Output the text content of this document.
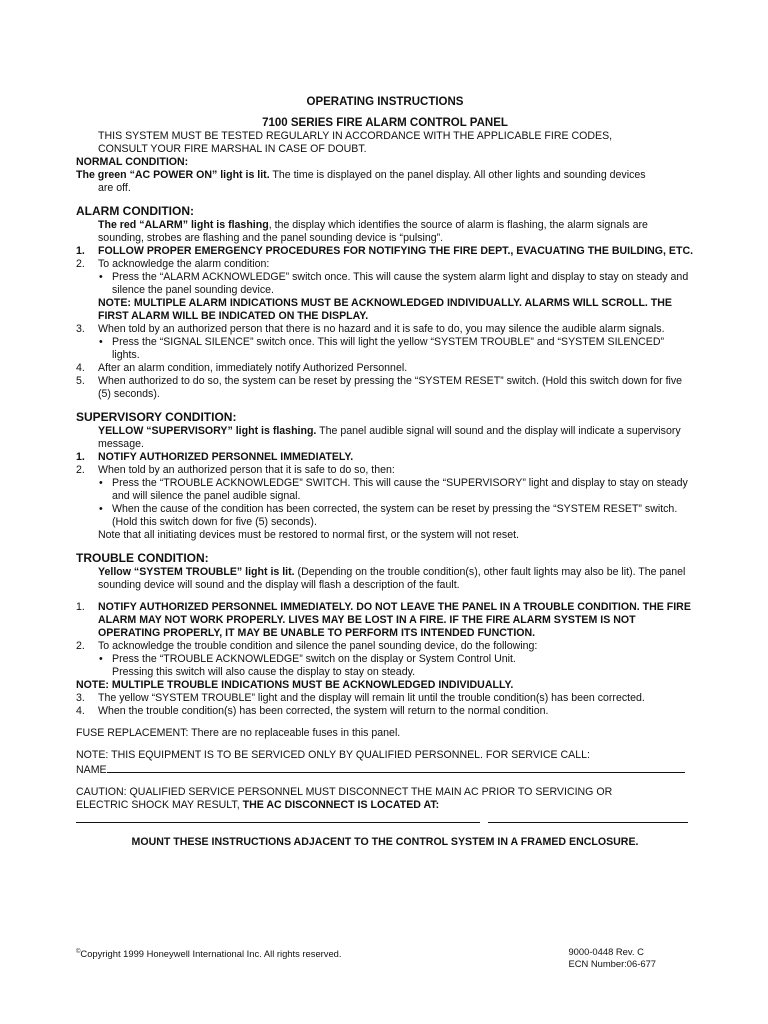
OPERATING INSTRUCTIONS
7100 SERIES FIRE ALARM CONTROL PANEL
THIS SYSTEM MUST BE TESTED REGULARLY IN ACCORDANCE WITH THE APPLICABLE FIRE CODES,
CONSULT YOUR FIRE MARSHAL IN CASE OF DOUBT.
NORMAL CONDITION:
The green “AC POWER ON” light is lit. The time is displayed on the panel display. All other lights and sounding devices
are off.
ALARM CONDITION:
The red “ALARM” light is flashing, the display which identifies the source of alarm is flashing, the alarm signals are
sounding, strobes are flashing and the panel sounding device is “pulsing”.
1. FOLLOW PROPER EMERGENCY PROCEDURES FOR NOTIFYING THE FIRE DEPT., EVACUATING THE BUILDING, ETC.
2. To acknowledge the alarm condition:
• Press the “ALARM ACKNOWLEDGE” switch once. This will cause the system alarm light and display to stay on steady and silence the panel sounding device.
NOTE: MULTIPLE ALARM INDICATIONS MUST BE ACKNOWLEDGED INDIVIDUALLY. ALARMS WILL SCROLL. THE FIRST ALARM WILL BE INDICATED ON THE DISPLAY.
3. When told by an authorized person that there is no hazard and it is safe to do, you may silence the audible alarm signals.
• Press the “SIGNAL SILENCE” switch once. This will light the yellow “SYSTEM TROUBLE” and “SYSTEM SILENCED” lights.
4. After an alarm condition, immediately notify Authorized Personnel.
5. When authorized to do so, the system can be reset by pressing the “SYSTEM RESET” switch. (Hold this switch down for five (5) seconds).
SUPERVISORY CONDITION:
YELLOW “SUPERVISORY” light is flashing. The panel audible signal will sound and the display will indicate a supervisory message.
1. NOTIFY AUTHORIZED PERSONNEL IMMEDIATELY.
2. When told by an authorized person that it is safe to do so, then:
• Press the “TROUBLE ACKNOWLEDGE” SWITCH. This will cause the “SUPERVISORY” light and display to stay on steady and will silence the panel audible signal.
• When the cause of the condition has been corrected, the system can be reset by pressing the “SYSTEM RESET” switch. (Hold this switch down for five (5) seconds).
Note that all initiating devices must be restored to normal first, or the system will not reset.
TROUBLE CONDITION:
Yellow “SYSTEM TROUBLE” light is lit. (Depending on the trouble condition(s), other fault lights may also be lit). The panel sounding device will sound and the display will flash a description of the fault.
1. NOTIFY AUTHORIZED PERSONNEL IMMEDIATELY. DO NOT LEAVE THE PANEL IN A TROUBLE CONDITION. THE FIRE ALARM MAY NOT WORK PROPERLY. LIVES MAY BE LOST IN A FIRE. IF THE FIRE ALARM SYSTEM IS NOT OPERATING PROPERLY, IT MAY BE UNABLE TO PERFORM ITS INTENDED FUNCTION.
2. To acknowledge the trouble condition and silence the panel sounding device, do the following:
• Press the “TROUBLE ACKNOWLEDGE” switch on the display or System Control Unit.
Pressing this switch will also cause the display to stay on steady.
NOTE: MULTIPLE TROUBLE INDICATIONS MUST BE ACKNOWLEDGED INDIVIDUALLY.
3. The yellow “SYSTEM TROUBLE” light and the display will remain lit until the trouble condition(s) has been corrected.
4. When the trouble condition(s) has been corrected, the system will return to the normal condition.
FUSE REPLACEMENT: There are no replaceable fuses in this panel.
NOTE: THIS EQUIPMENT IS TO BE SERVICED ONLY BY QUALIFIED PERSONNEL. FOR SERVICE CALL:
NAME
CAUTION: QUALIFIED SERVICE PERSONNEL MUST DISCONNECT THE MAIN AC PRIOR TO SERVICING OR
ELECTRIC SHOCK MAY RESULT, THE AC DISCONNECT IS LOCATED AT:
MOUNT THESE INSTRUCTIONS ADJACENT TO THE CONTROL SYSTEM IN A FRAMED ENCLOSURE.
©Copyright 1999 Honeywell International Inc. All rights reserved.	9000-0448 Rev. C
ECN Number:06-677
